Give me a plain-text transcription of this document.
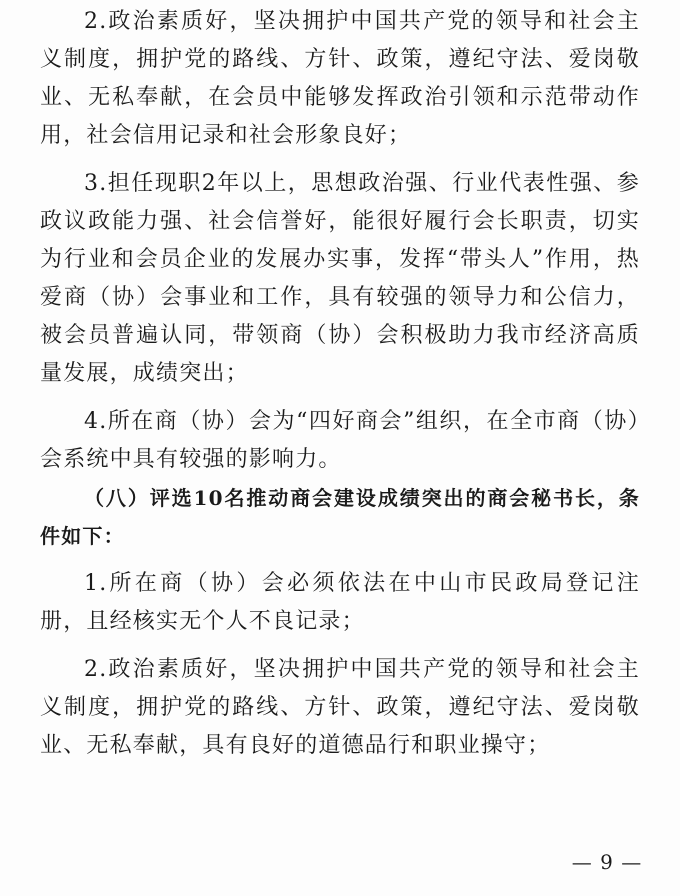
2.政治素质好，坚决拥护中国共产党的领导和社会主义制度，拥护党的路线、方针、政策，遵纪守法、爱岗敬业、无私奉献，在会员中能够发挥政治引领和示范带动作用，社会信用记录和社会形象良好；

3.担任现职2年以上，思想政治强、行业代表性强、参政议政能力强、社会信誉好，能很好履行会长职责，切实为行业和会员企业的发展办实事，发挥“带头人”作用，热爱商（协）会事业和工作，具有较强的领导力和公信力，被会员普遍认同，带领商（协）会积极助力我市经济高质量发展，成绩突出；

4.所在商（协）会为“四好商会”组织，在全市商（协）会系统中具有较强的影响力。

（八）评选10名推动商会建设成绩突出的商会秘书长，条件如下：

1.所在商（协）会必须依法在中山市民政局登记注册，且经核实无个人不良记录；

2.政治素质好，坚决拥护中国共产党的领导和社会主义制度，拥护党的路线、方针、政策，遵纪守法、爱岗敬业、无私奉献，具有良好的道德品行和职业操守；

— 9 —
